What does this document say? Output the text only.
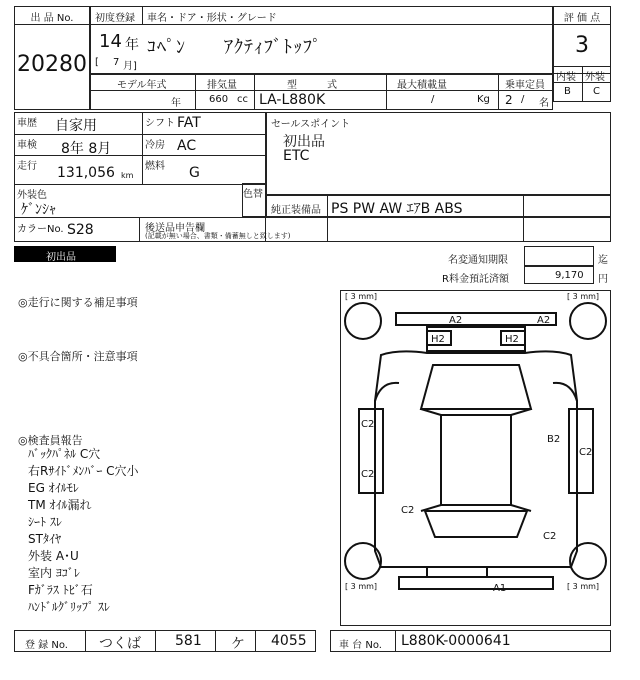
出 品 No.
20280
初度登録 車名・ドア・形状・グレード
14 年
[ 7 月]
ｺﾍﾟﾝ　　ｱｸﾃｨﾌﾞﾄｯﾌﾟ
評 価 点
3
内装 外装
B C
モデル年式	排気量	型　　　式	最大積載量	乗車定員
年	660 cc LA-L880K	/	Kg 2 / 名
車歴 自家用	シフト FAT
車検 8年 8月	冷房 AC
走行 131,056 km
燃料 G
外装色
ｹﾞﾝｼｬ
色替
セールスポイント
初出品
ETC
純正装備品 PS PW AW ｴｱB ABS
カラーNo. S28	後送品申告欄
(記載が無い場合、書類・備蓄無しと致します)
初出品	名変通知期限	迄
R料金預託済額	9,170 円
◎走行に関する補足事項
◎不具合箇所・注意事項
◎検査員報告
ﾊﾞｯｸﾊﾟﾈﾙ C穴
右Rｻｲﾄﾞﾒﾝﾊﾞｰ C穴小
EG ｵｲﾙﾓﾚ
TM ｵｲﾙ漏れ
ｼｰﾄ ｽﾚ
STﾀｲﾔ
外装 A･U
室内 ﾖｺﾞﾚ
Fｶﾞﾗｽ ﾄﾋﾞ石
ﾊﾝﾄﾞﾙｸﾞﾘｯﾌﾟ ｽﾚ
[ 3 mm]	[ 3 mm]
[ 3 mm]	[ 3 mm]
A2	A2
H2	H2
C2
C2
B2
C2
C2
C2
A1
登 録 No. つくば 581 ケ 4055	車 台 No. L880K-0000641
